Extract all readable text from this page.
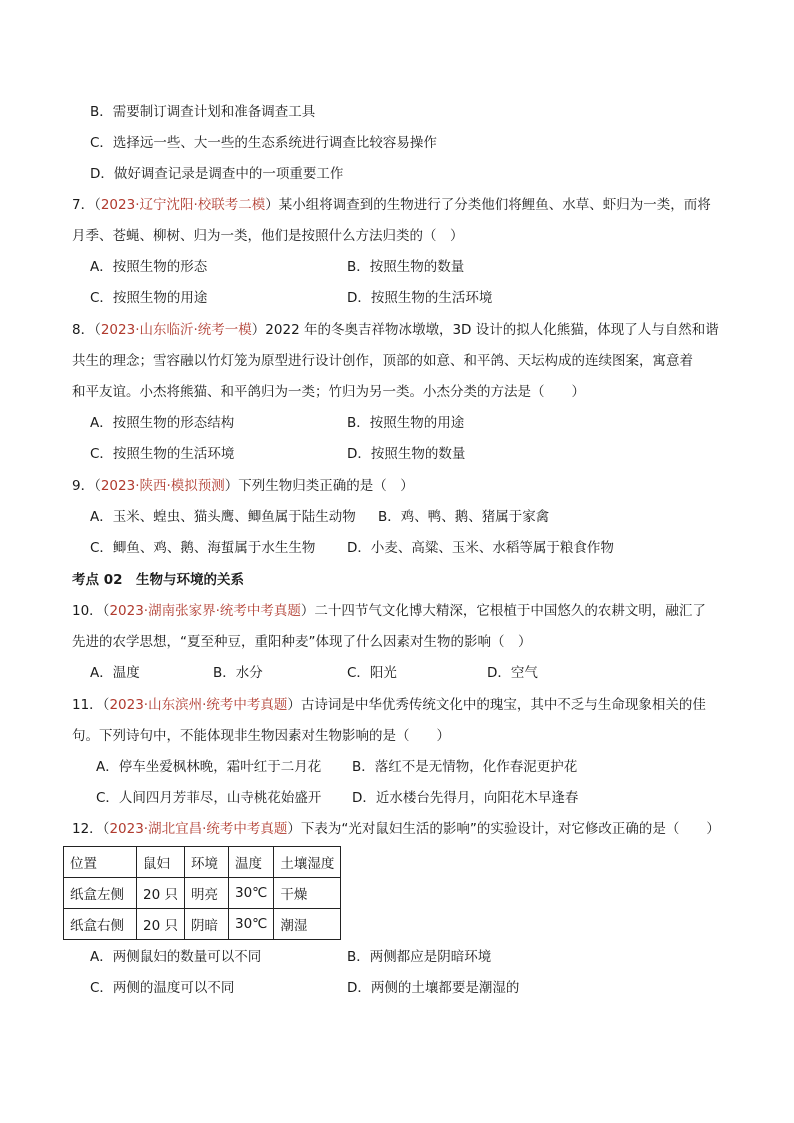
B．需要制订调查计划和准备调查工具
C．选择远一些、大一些的生态系统进行调查比较容易操作
D．做好调查记录是调查中的一项重要工作
7．（2023·辽宁沈阳·校联考二模）某小组将调查到的生物进行了分类他们将鲤鱼、水草、虾归为一类，而将
月季、苍蝇、柳树、归为一类，他们是按照什么方法归类的（　）
A．按照生物的形态	B．按照生物的数量
C．按照生物的用途	D．按照生物的生活环境
8．（2023·山东临沂·统考一模）2022 年的冬奥吉祥物冰墩墩，3D 设计的拟人化熊猫，体现了人与自然和谐
共生的理念；雪容融以竹灯笼为原型进行设计创作，顶部的如意、和平鸽、天坛构成的连续图案，寓意着
和平友谊。小杰将熊猫、和平鸽归为一类；竹归为另一类。小杰分类的方法是（　　）
A．按照生物的形态结构	B．按照生物的用途
C．按照生物的生活环境	D．按照生物的数量
9．（2023·陕西·模拟预测）下列生物归类正确的是（　）
A．玉米、蝗虫、猫头鹰、鲫鱼属于陆生动物 B．鸡、鸭、鹅、猪属于家禽
C．鲫鱼、鸡、鹅、海蜇属于水生生物 D．小麦、高粱、玉米、水稻等属于粮食作物
考点 02　生物与环境的关系
10．（2023·湖南张家界·统考中考真题）二十四节气文化博大精深，它根植于中国悠久的农耕文明，融汇了
先进的农学思想，“夏至种豆，重阳种麦”体现了什么因素对生物的影响（　）
A．温度	B．水分	C．阳光	D．空气
11．（2023·山东滨州·统考中考真题）古诗词是中华优秀传统文化中的瑰宝，其中不乏与生命现象相关的佳
句。下列诗句中，不能体现非生物因素对生物影响的是（　　）
A．停车坐爱枫林晚，霜叶红于二月花 B．落红不是无情物，化作春泥更护花
C．人间四月芳菲尽，山寺桃花始盛开 D．近水楼台先得月，向阳花木早逢春
12．（2023·湖北宜昌·统考中考真题）下表为“光对鼠妇生活的影响”的实验设计，对它修改正确的是（　　）
位置	鼠妇	环境	温度	土壤湿度
纸盒左侧	20 只	明亮	30℃	干燥
纸盒右侧	20 只	阴暗	30℃	潮湿
A．两侧鼠妇的数量可以不同	B．两侧都应是阴暗环境
C．两侧的温度可以不同	D．两侧的土壤都要是潮湿的
